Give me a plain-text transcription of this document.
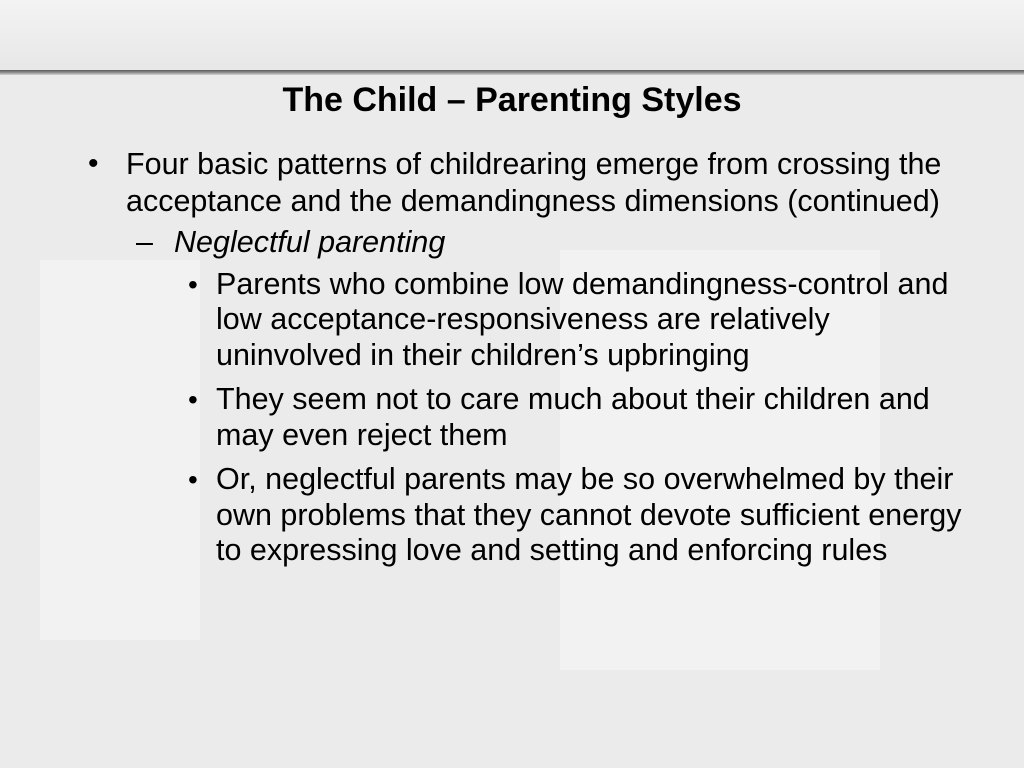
The Child – Parenting Styles
• Four basic patterns of childrearing emerge from crossing the acceptance and the demandingness dimensions (continued)
– Neglectful parenting
• Parents who combine low demandingness-control and low acceptance-responsiveness are relatively uninvolved in their children’s upbringing
• They seem not to care much about their children and may even reject them
• Or, neglectful parents may be so overwhelmed by their own problems that they cannot devote sufficient energy to expressing love and setting and enforcing rules
